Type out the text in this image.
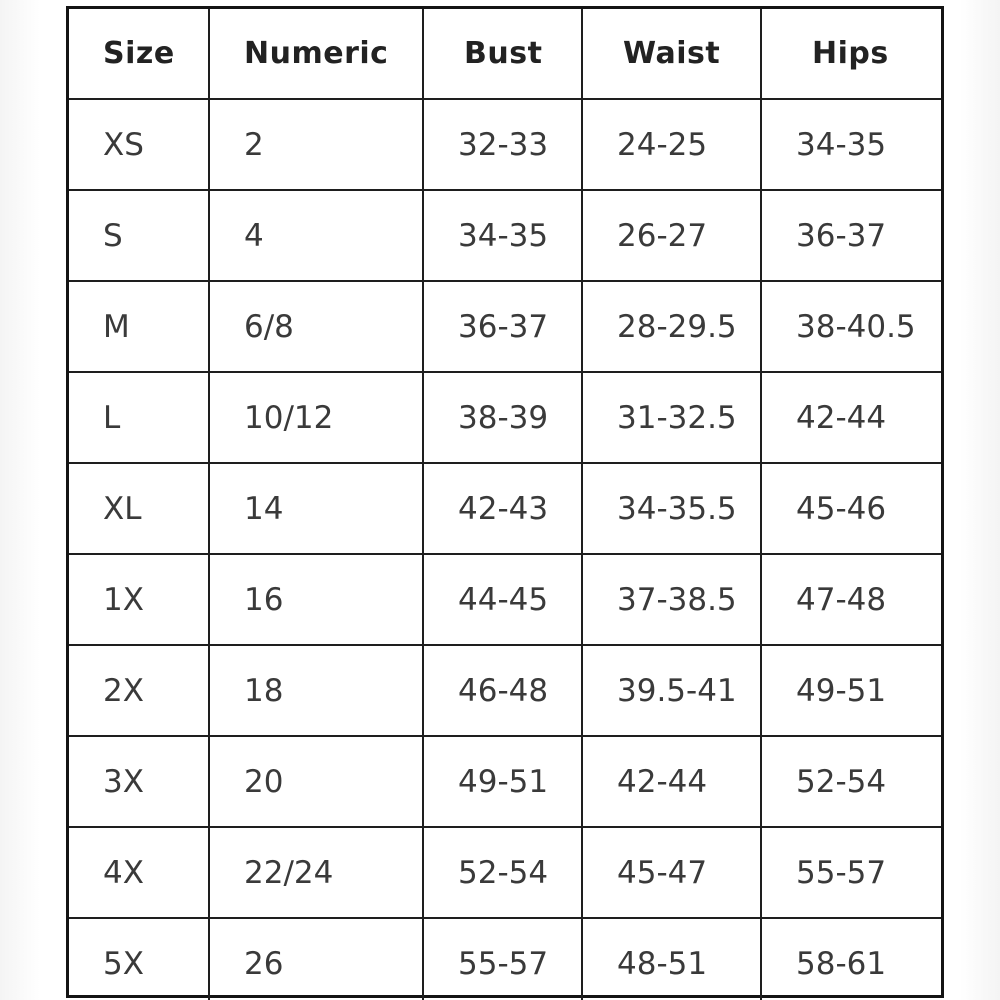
Size	Numeric	Bust	Waist	Hips
XS	2	32-33	24-25	34-35
S	4	34-35	26-27	36-37
M	6/8	36-37	28-29.5	38-40.5
L	10/12	38-39	31-32.5	42-44
XL	14	42-43	34-35.5	45-46
1X	16	44-45	37-38.5	47-48
2X	18	46-48	39.5-41	49-51
3X	20	49-51	42-44	52-54
4X	22/24	52-54	45-47	55-57
5X	26	55-57	48-51	58-61
